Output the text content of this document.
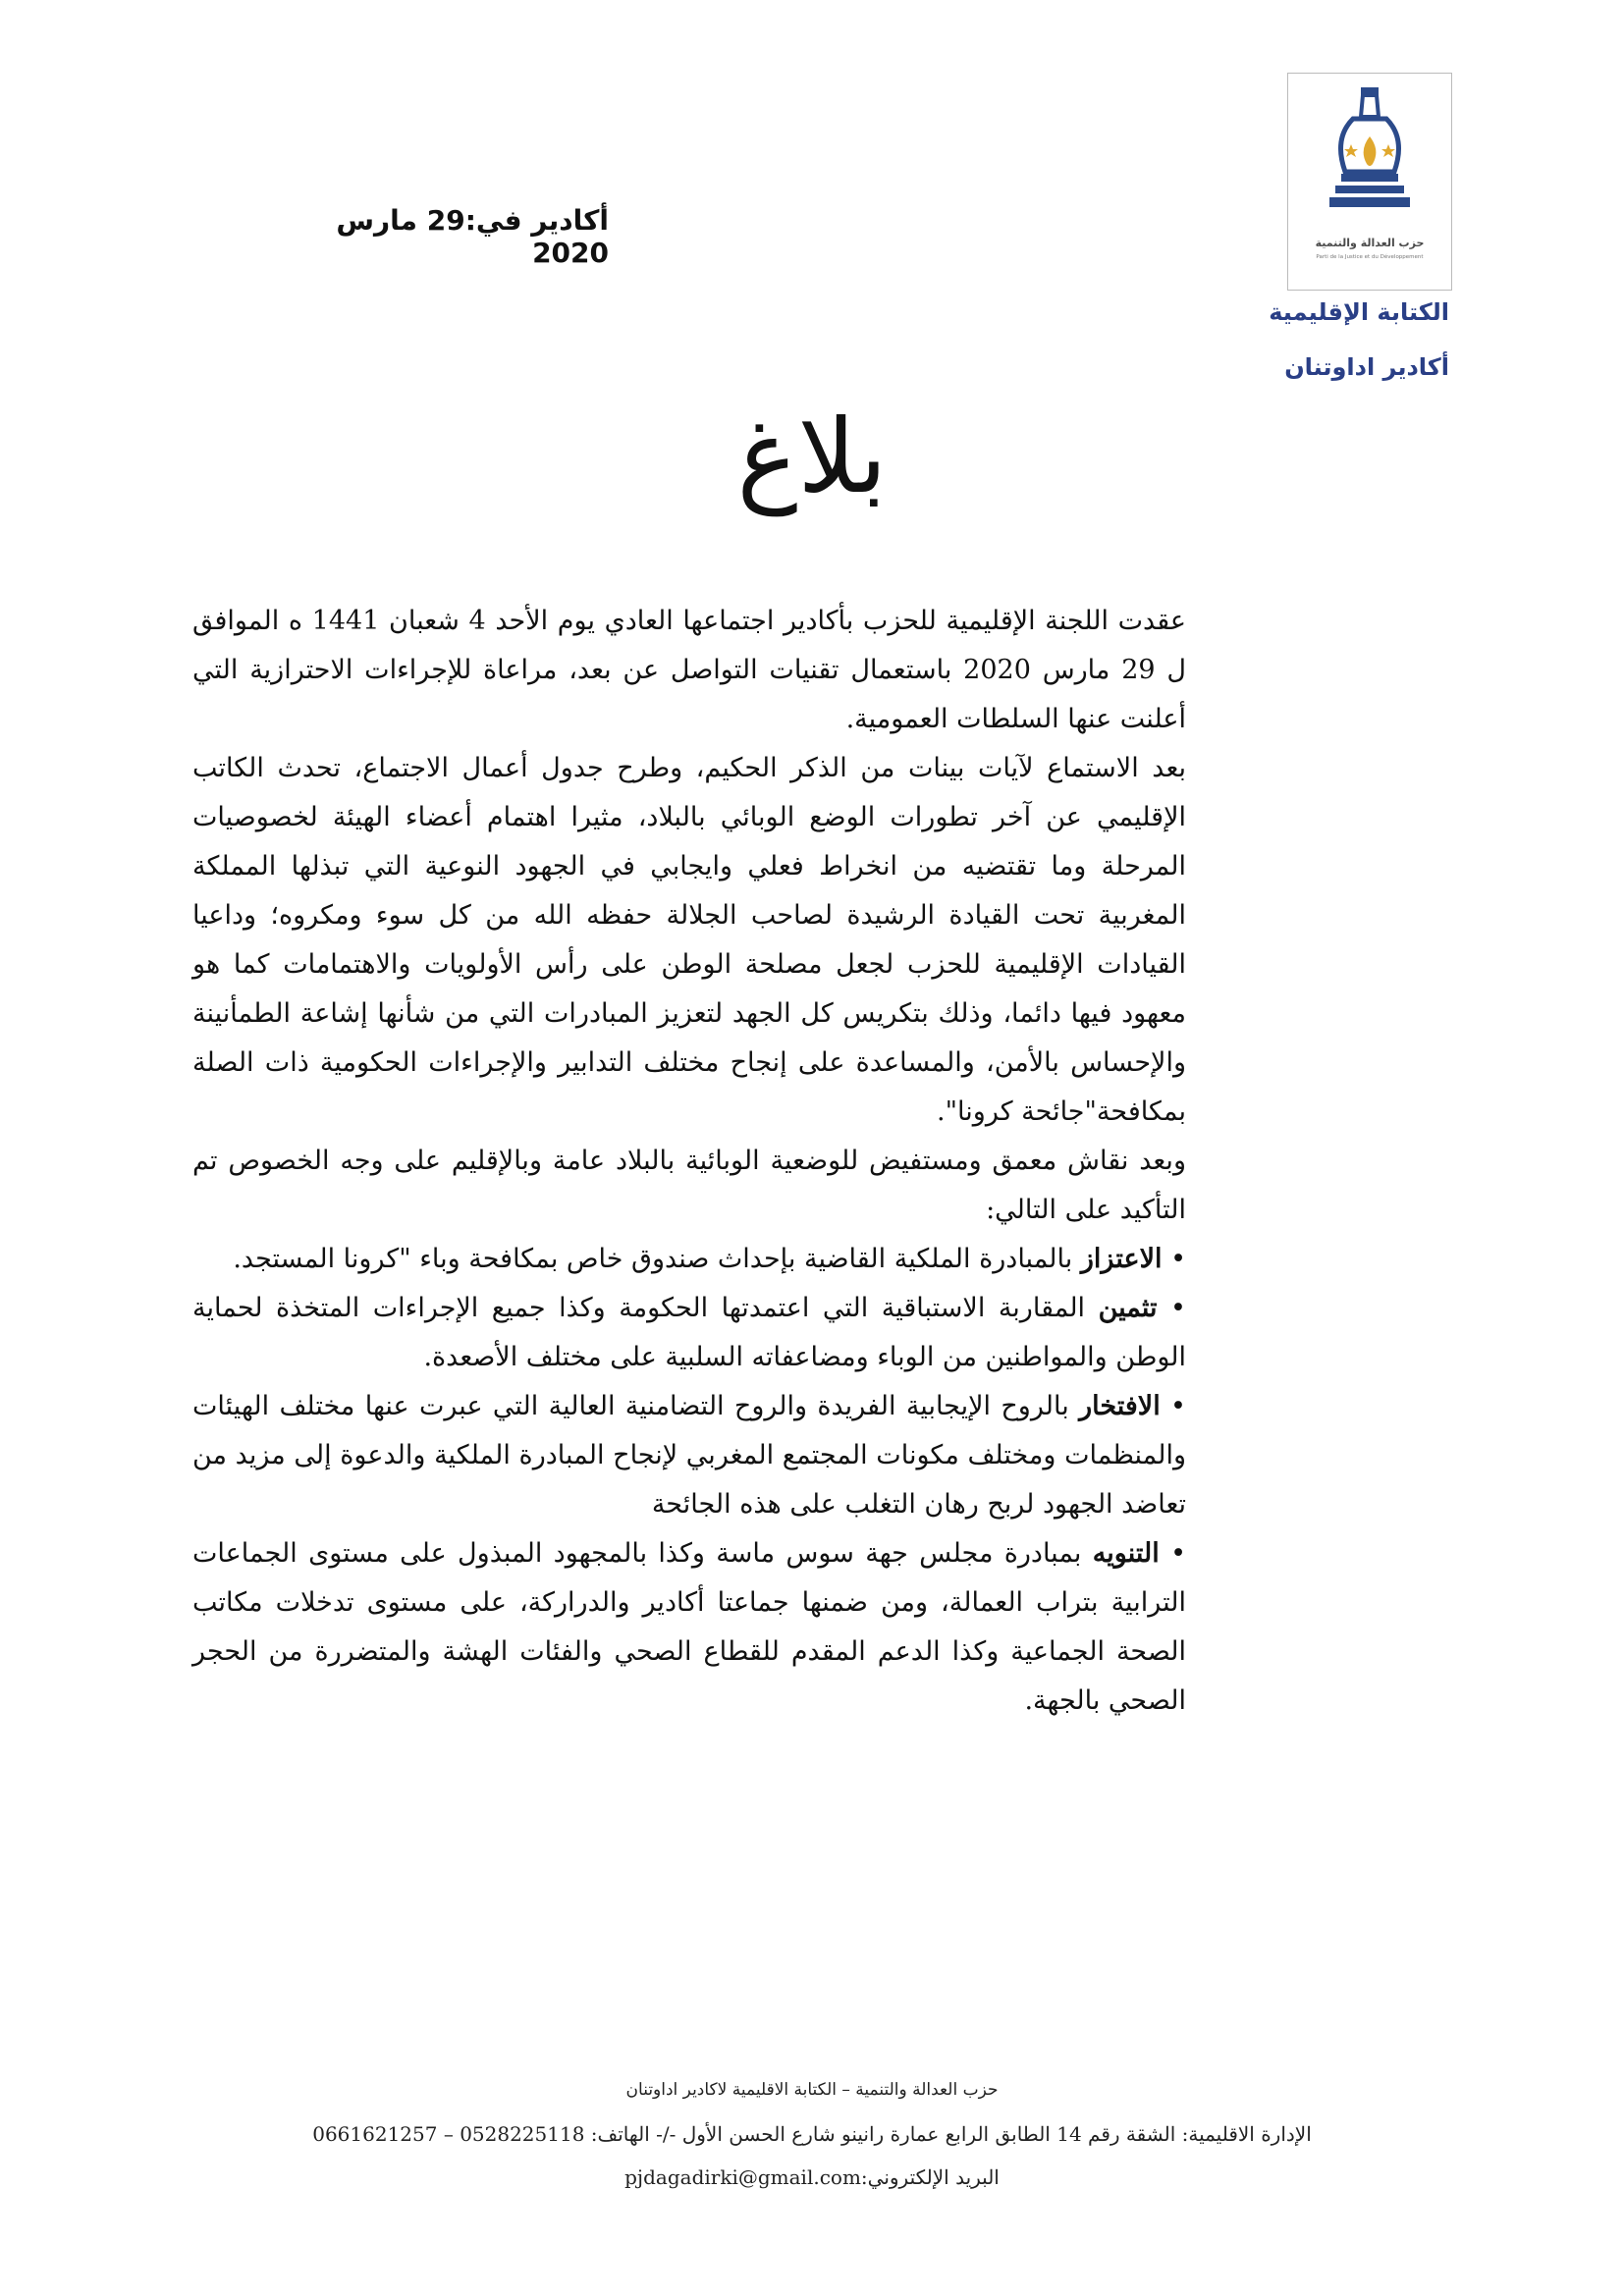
حزب العدالة والتنمية
Parti de la Justice et du Développement
الكتابة الإقليمية
أكادير اداوتنان
أكادير في:29 مارس 2020
بلاغ

عقدت اللجنة الإقليمية للحزب بأكادير اجتماعها العادي يوم الأحد 4 شعبان 1441 ه الموافق ل 29 مارس 2020 باستعمال تقنيات التواصل عن بعد، مراعاة للإجراءات الاحترازية التي أعلنت عنها السلطات العمومية.

بعد الاستماع لآيات بينات من الذكر الحكيم، وطرح جدول أعمال الاجتماع، تحدث الكاتب الإقليمي عن آخر تطورات الوضع الوبائي بالبلاد، مثيرا اهتمام أعضاء الهيئة لخصوصيات المرحلة وما تقتضيه من انخراط فعلي وايجابي في الجهود النوعية التي تبذلها المملكة المغربية تحت القيادة الرشيدة لصاحب الجلالة حفظه الله من كل سوء ومكروه؛ وداعيا القيادات الإقليمية للحزب لجعل مصلحة الوطن على رأس الأولويات والاهتمامات كما هو معهود فيها دائما، وذلك بتكريس كل الجهد لتعزيز المبادرات التي من شأنها إشاعة الطمأنينة والإحساس بالأمن، والمساعدة على إنجاح مختلف التدابير والإجراءات الحكومية ذات الصلة بمكافحة"جائحة كرونا".

وبعد نقاش معمق ومستفيض للوضعية الوبائية بالبلاد عامة وبالإقليم على وجه الخصوص تم التأكيد على التالي:

• الاعتزاز بالمبادرة الملكية القاضية بإحداث صندوق خاص بمكافحة وباء "كرونا المستجد.

• تثمين المقاربة الاستباقية التي اعتمدتها الحكومة وكذا جميع الإجراءات المتخذة لحماية الوطن والمواطنين من الوباء ومضاعفاته السلبية على مختلف الأصعدة.

• الافتخار بالروح الإيجابية الفريدة والروح التضامنية العالية التي عبرت عنها مختلف الهيئات والمنظمات ومختلف مكونات المجتمع المغربي لإنجاح المبادرة الملكية والدعوة إلى مزيد من تعاضد الجهود لربح رهان التغلب على هذه الجائحة

• التنويه بمبادرة مجلس جهة سوس ماسة وكذا بالمجهود المبذول على مستوى الجماعات الترابية بتراب العمالة، ومن ضمنها جماعتا أكادير والدراركة، على مستوى تدخلات مكاتب الصحة الجماعية وكذا الدعم المقدم للقطاع الصحي والفئات الهشة والمتضررة من الحجر الصحي بالجهة.

حزب العدالة والتنمية – الكتابة الاقليمية لاكادير اداوتنان
الإدارة الاقليمية: الشقة رقم 14 الطابق الرابع عمارة رانينو شارع الحسن الأول -/- الهاتف: 0528225118 – 0661621257
البريد الإلكتروني:pjdagadirki@gmail.com
